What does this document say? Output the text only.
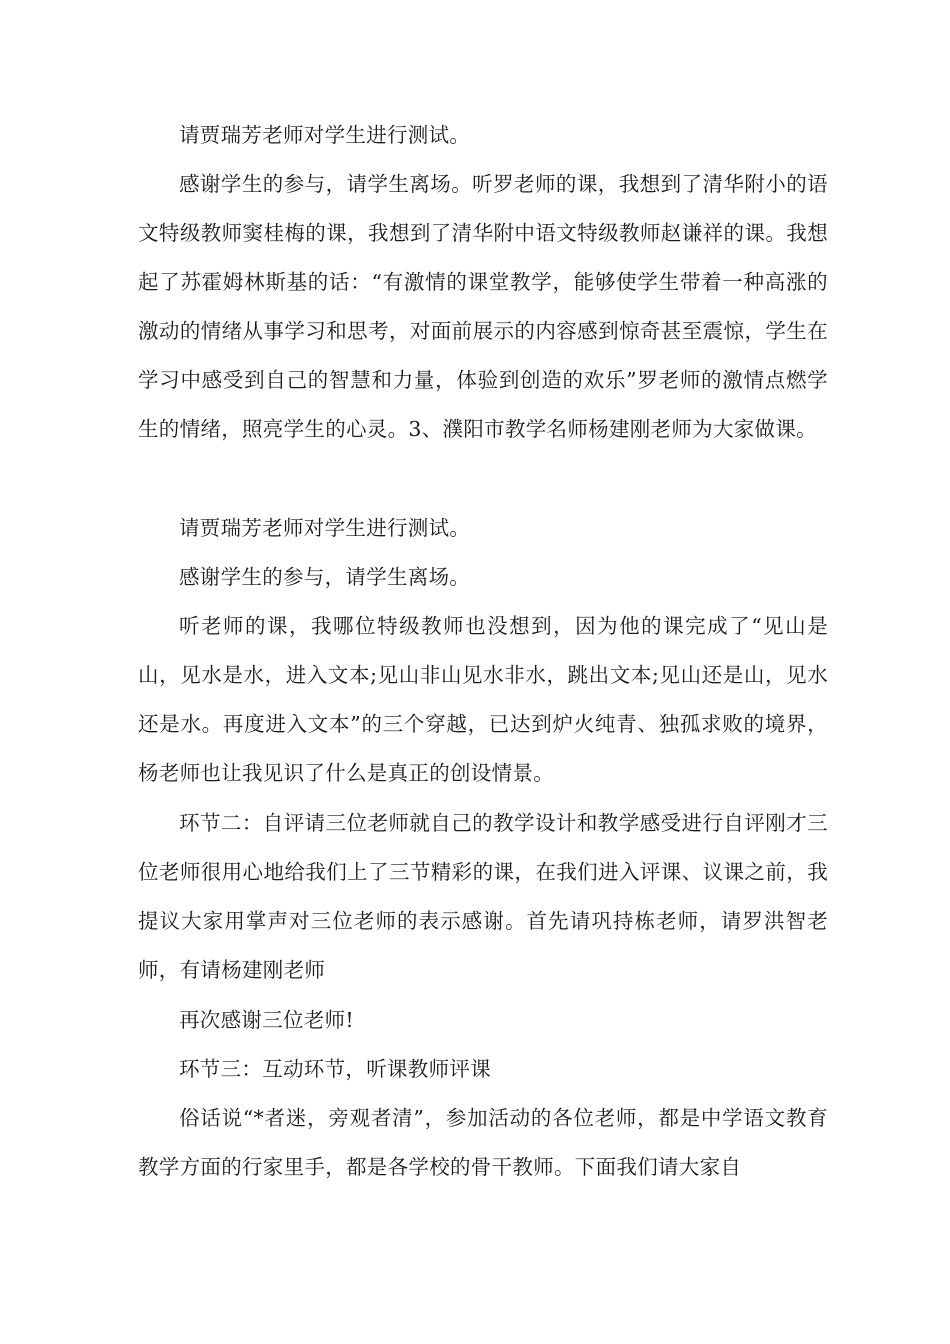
请贾瑞芳老师对学生进行测试。

感谢学生的参与，请学生离场。听罗老师的课，我想到了清华附小的语文特级教师窦桂梅的课，我想到了清华附中语文特级教师赵谦祥的课。我想起了苏霍姆林斯基的话：“有激情的课堂教学，能够使学生带着一种高涨的激动的情绪从事学习和思考，对面前展示的内容感到惊奇甚至震惊，学生在学习中感受到自己的智慧和力量，体验到创造的欢乐”罗老师的激情点燃学生的情绪，照亮学生的心灵。3、濮阳市教学名师杨建刚老师为大家做课。

请贾瑞芳老师对学生进行测试。

感谢学生的参与，请学生离场。

听老师的课，我哪位特级教师也没想到，因为他的课完成了“见山是山，见水是水，进入文本;见山非山见水非水，跳出文本;见山还是山，见水还是水。再度进入文本”的三个穿越，已达到炉火纯青、独孤求败的境界，杨老师也让我见识了什么是真正的创设情景。

环节二：自评请三位老师就自己的教学设计和教学感受进行自评刚才三位老师很用心地给我们上了三节精彩的课，在我们进入评课、议课之前，我提议大家用掌声对三位老师的表示感谢。首先请巩持栋老师，请罗洪智老师，有请杨建刚老师

再次感谢三位老师!

环节三：互动环节，听课教师评课

俗话说“*者迷，旁观者清”，参加活动的各位老师，都是中学语文教育教学方面的行家里手，都是各学校的骨干教师。下面我们请大家自
